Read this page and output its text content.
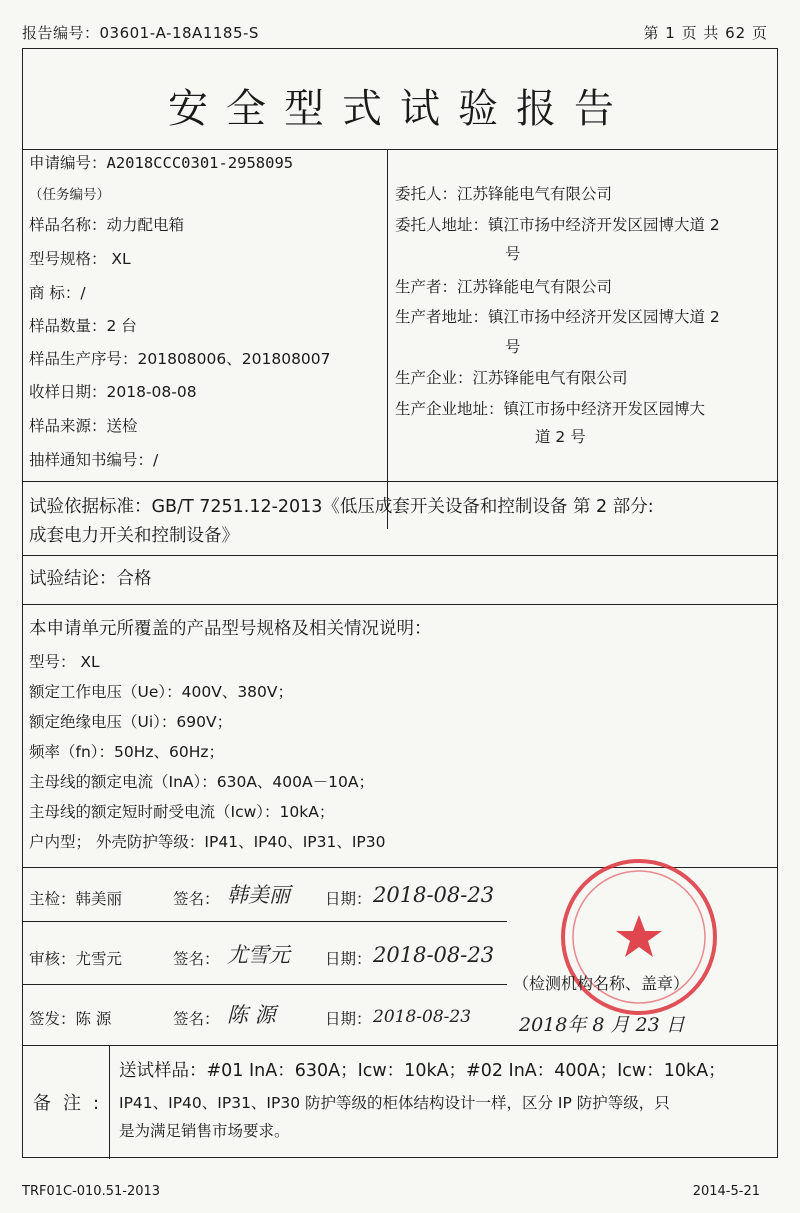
报告编号：03601-A-18A1185-S	第 1 页 共 62 页
安全型式试验报告
申请编号：A2018CCC0301-2958095
（任务编号）
样品名称：动力配电箱
型号规格： XL
商 标：/
样品数量：2 台
样品生产序号：201808006、201808007
收样日期：2018-08-08
样品来源：送检
抽样通知书编号：/
委托人：江苏锋能电气有限公司
委托人地址：镇江市扬中经济开发区园博大道 2
号
生产者：江苏锋能电气有限公司
生产者地址：镇江市扬中经济开发区园博大道 2
号
生产企业：江苏锋能电气有限公司
生产企业地址：镇江市扬中经济开发区园博大
道 2 号
试验依据标准：GB/T 7251.12-2013《低压成套开关设备和控制设备 第 2 部分:
成套电力开关和控制设备》
试验结论：合格
本申请单元所覆盖的产品型号规格及相关情况说明：
型号： XL
额定工作电压（Ue）：400V、380V；
额定绝缘电压（Ui）：690V；
频率（fn）：50Hz、60Hz；
主母线的额定电流（InA）：630A、400A－10A；
主母线的额定短时耐受电流（Icw）：10kA；
户内型； 外壳防护等级：IP41、IP40、IP31、IP30
主检：韩美丽	签名： 韩美丽 日期： 2018-08-23
审核：尤雪元	签名： 尤雪元 日期： 2018-08-23
签发：陈 源	签名： 陈 源	日期： 2018-08-23
（检测机构名称、盖章）
2018年 8 月 23 日
备注:
送试样品：#01 InA：630A；Icw：10kA；#02 InA：400A；Icw：10kA；
IP41、IP40、IP31、IP30 防护等级的柜体结构设计一样，区分 IP 防护等级，只
是为满足销售市场要求。
TRF01C-010.51-2013	2014-5-21
